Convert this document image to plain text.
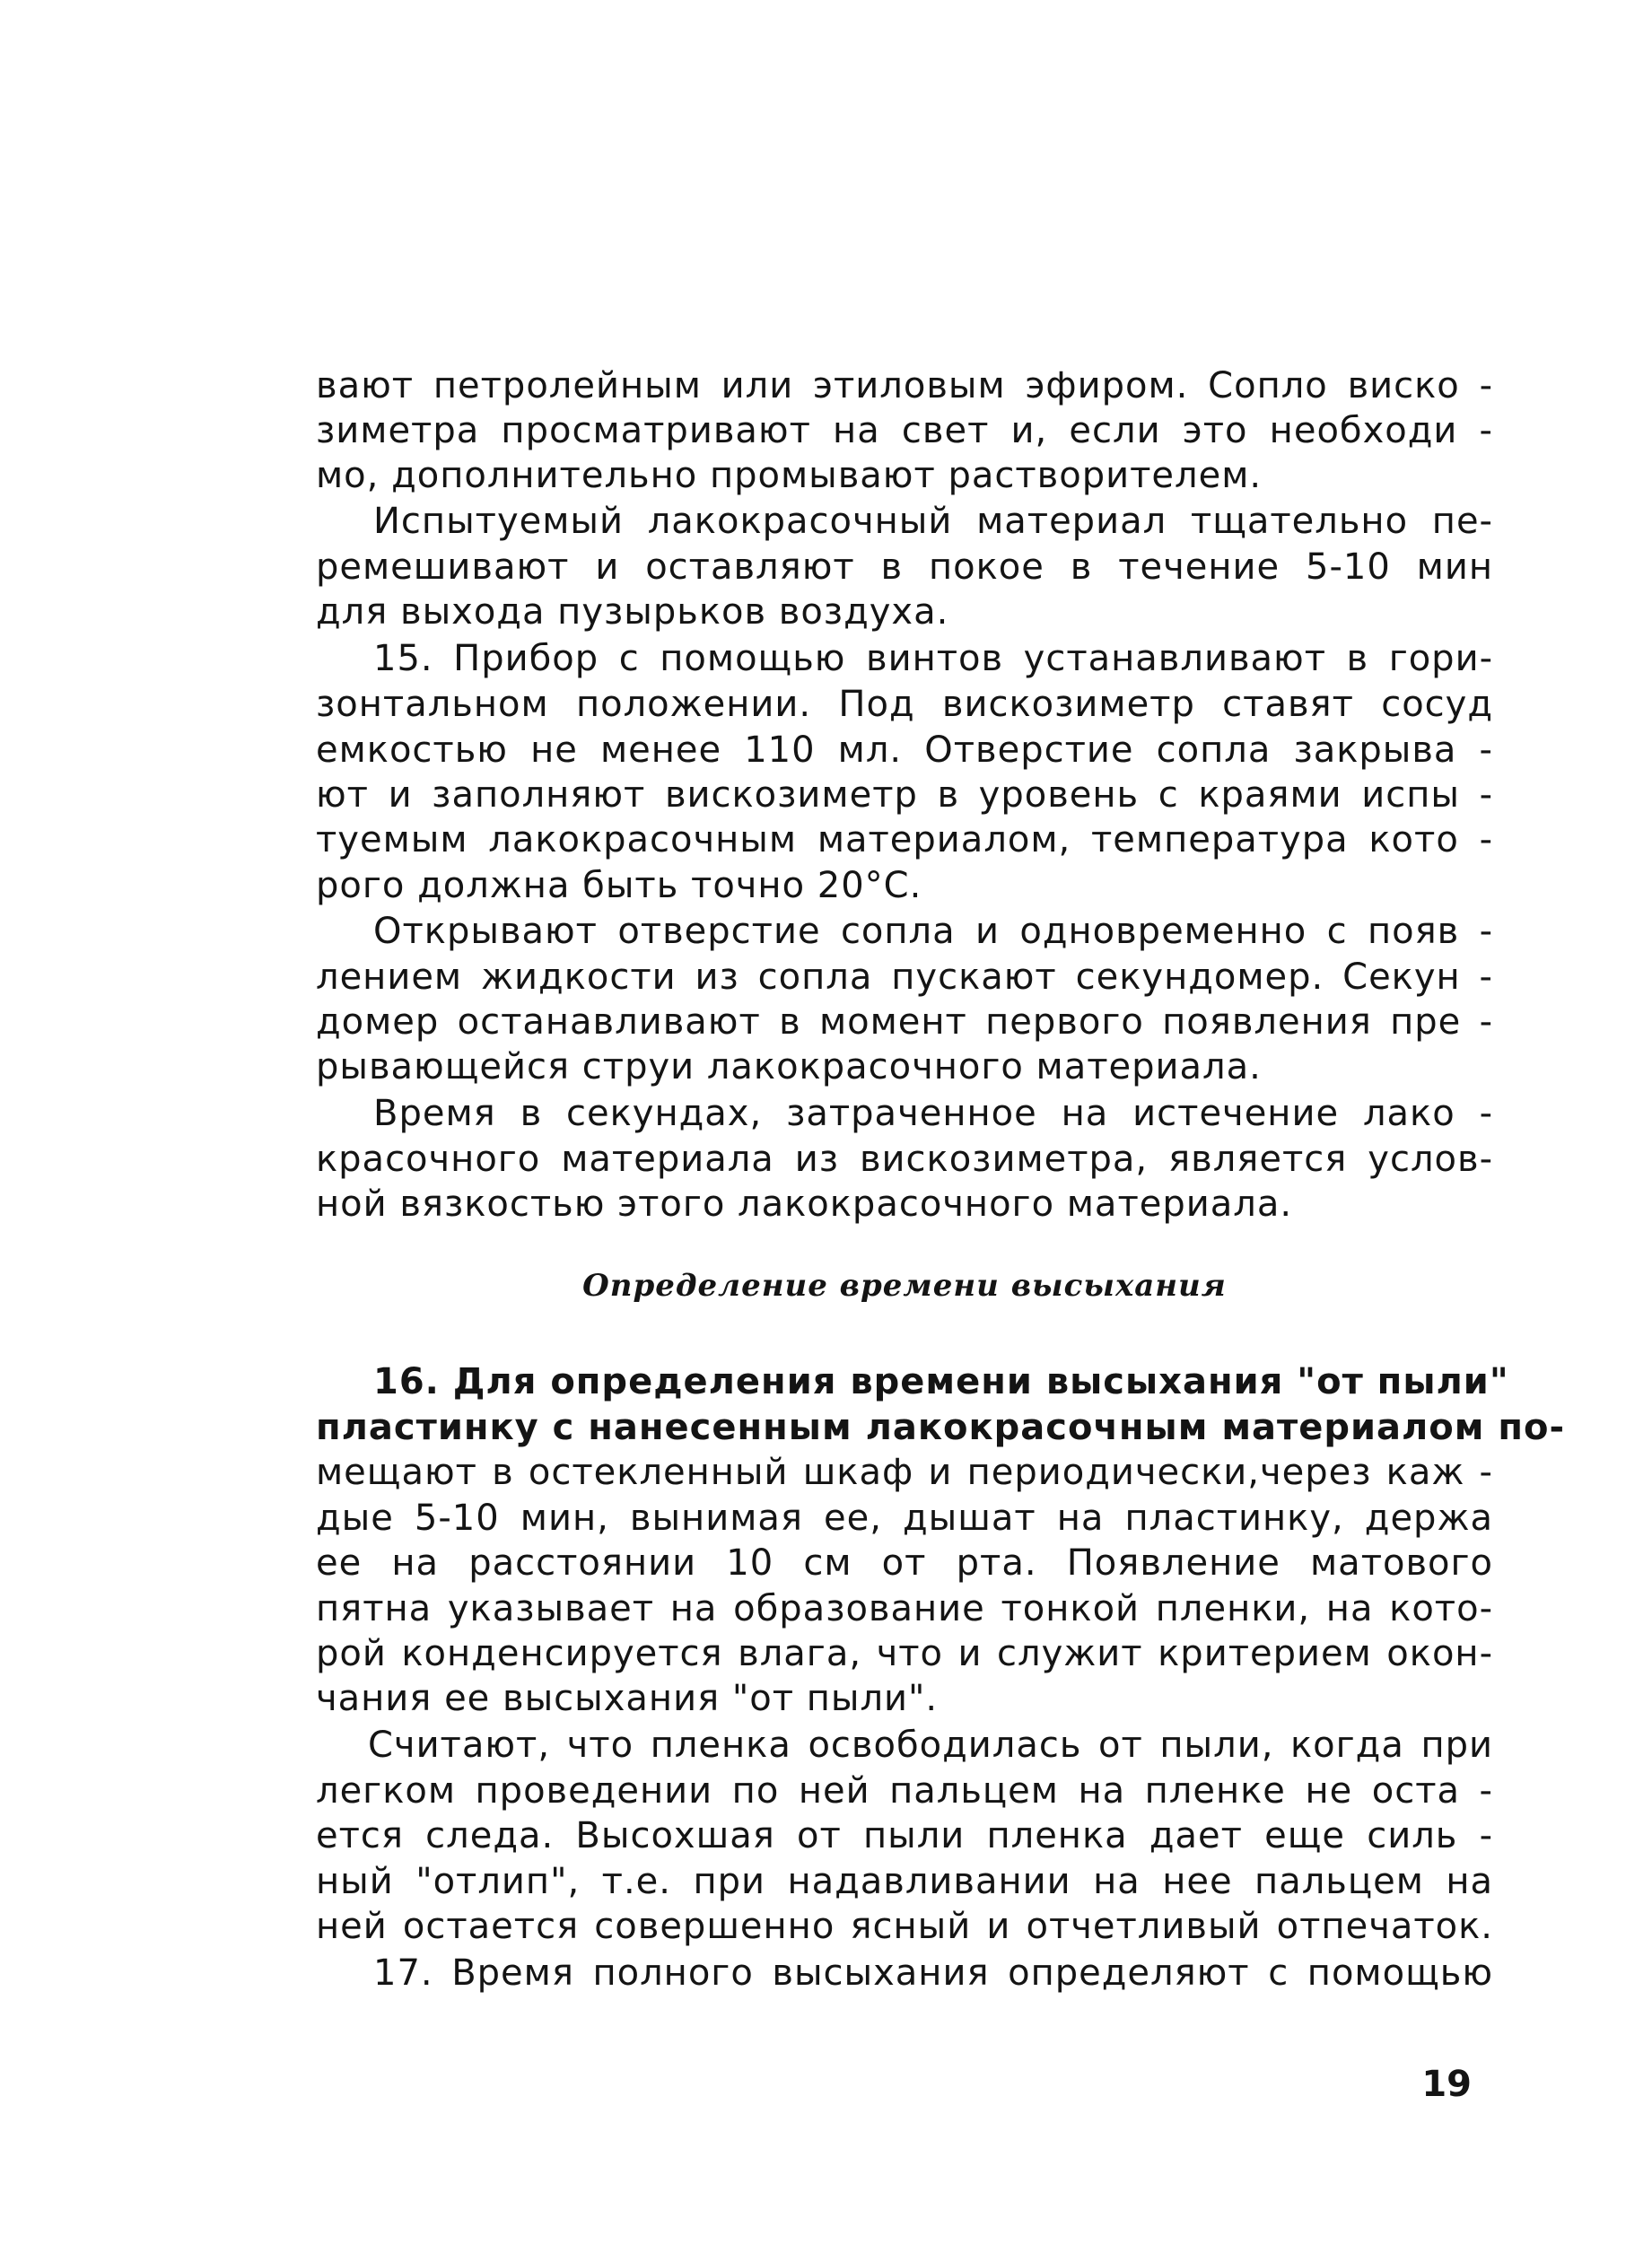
вают петролейным или этиловым эфиром. Сопло виско -
зиметра просматривают на свет и, если это необходи -
мо, дополнительно промывают растворителем.
Испытуемый лакокрасочный материал тщательно пе-
ремешивают и оставляют в покое в течение 5-10 мин
для выхода пузырьков воздуха.
15. Прибор с помощью винтов устанавливают в гори-
зонтальном положении. Под вискозиметр ставят сосуд
емкостью не менее 110 мл. Отверстие сопла закрыва -
ют и заполняют вискозиметр в уровень с краями испы -
туемым лакокрасочным материалом, температура кото -
рого должна быть точно 20°С.
Открывают отверстие сопла и одновременно с появ -
лением жидкости из сопла пускают секундомер. Секун -
домер останавливают в момент первого появления пре -
рывающейся струи лакокрасочного материала.
Время в секундах, затраченное на истечение лако -
красочного материала из вискозиметра, является услов-
ной вязкостью этого лакокрасочного материала.
Определение времени высыхания
16. Для определения времени высыхания "от пыли"
пластинку с нанесенным лакокрасочным материалом по-
мещают в остекленный шкаф и периодически,через каж -
дые 5-10 мин, вынимая ее, дышат на пластинку, держа
ее на расстоянии 10 см от рта. Появление матового
пятна указывает на образование тонкой пленки, на кото-
рой конденсируется влага, что и служит критерием окон-
чания ее высыхания "от пыли".
Считают, что пленка освободилась от пыли, когда при
легком проведении по ней пальцем на пленке не оста -
ется следа. Высохшая от пыли пленка дает еще силь -
ный "отлип", т.е. при надавливании на нее пальцем на
ней остается совершенно ясный и отчетливый отпечаток.
17. Время полного высыхания определяют с помощью
19
